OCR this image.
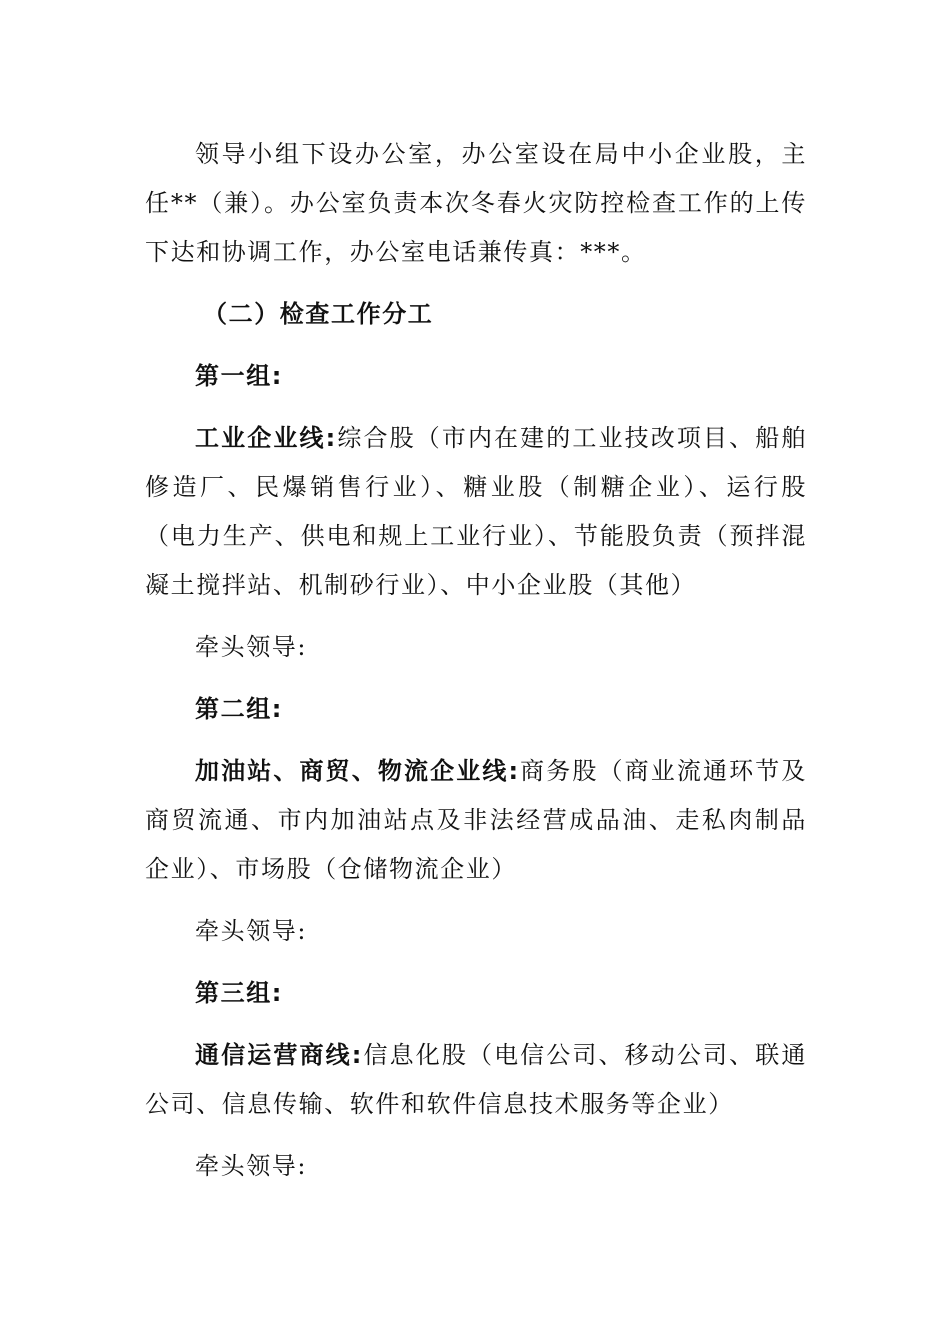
领导小组下设办公室，办公室设在局中小企业股，主任**（兼）。办公室负责本次冬春火灾防控检查工作的上传下达和协调工作，办公室电话兼传真：***。

（二）检查工作分工

第一组:

工业企业线:综合股（市内在建的工业技改项目、船舶修造厂、民爆销售行业）、糖业股（制糖企业）、运行股（电力生产、供电和规上工业行业）、节能股负责（预拌混凝土搅拌站、机制砂行业）、中小企业股（其他）

牵头领导:

第二组:

加油站、商贸、物流企业线:商务股（商业流通环节及商贸流通、市内加油站点及非法经营成品油、走私肉制品企业）、市场股（仓储物流企业）

牵头领导:

第三组:

通信运营商线:信息化股（电信公司、移动公司、联通公司、信息传输、软件和软件信息技术服务等企业）

牵头领导:
